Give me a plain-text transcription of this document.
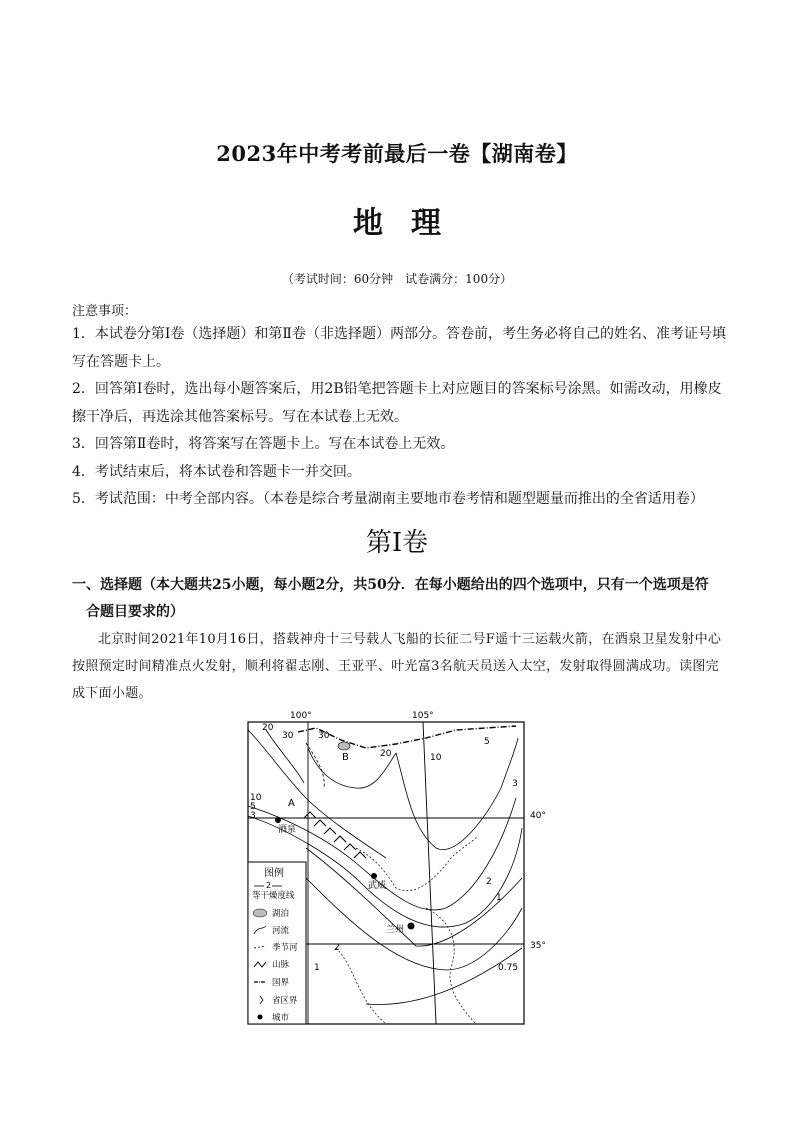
2023年中考考前最后一卷【湖南卷】
地理
（考试时间：60分钟　试卷满分：100分）
注意事项：

1．本试卷分第Ⅰ卷（选择题）和第Ⅱ卷（非选择题）两部分。答卷前，考生务必将自己的姓名、准考证号填写在答题卡上。

2．回答第Ⅰ卷时，选出每小题答案后，用2B铅笔把答题卡上对应题目的答案标号涂黑。如需改动，用橡皮擦干净后，再选涂其他答案标号。写在本试卷上无效。

3．回答第Ⅱ卷时，将答案写在答题卡上。写在本试卷上无效。

4．考试结束后，将本试卷和答题卡一并交回。

5．考试范围：中考全部内容。（本卷是综合考量湖南主要地市卷考情和题型题量而推出的全省适用卷）

第Ⅰ卷
一、选择题（本大题共25小题，每小题2分，共50分．在每小题给出的四个选项中，只有一个选项是符
合题目要求的）
北京时间2021年10月16日，搭载神舟十三号载人飞船的长征二号F遥十三运载火箭，在酒泉卫星发射中心按照预定时间精准点火发射，顺利将翟志刚、王亚平、叶光富3名航天员送入太空，发射取得圆满成功。读图完成下面小题。
100°	105°
40°
35°
20
30	30
20	10
5
3
10
5
3
2
1
2
1	0.75
A
B
酒泉
武威
兰州
图例
2
等干燥度线
湖泊
河流
季节河
山脉
国界
省区界
城市
